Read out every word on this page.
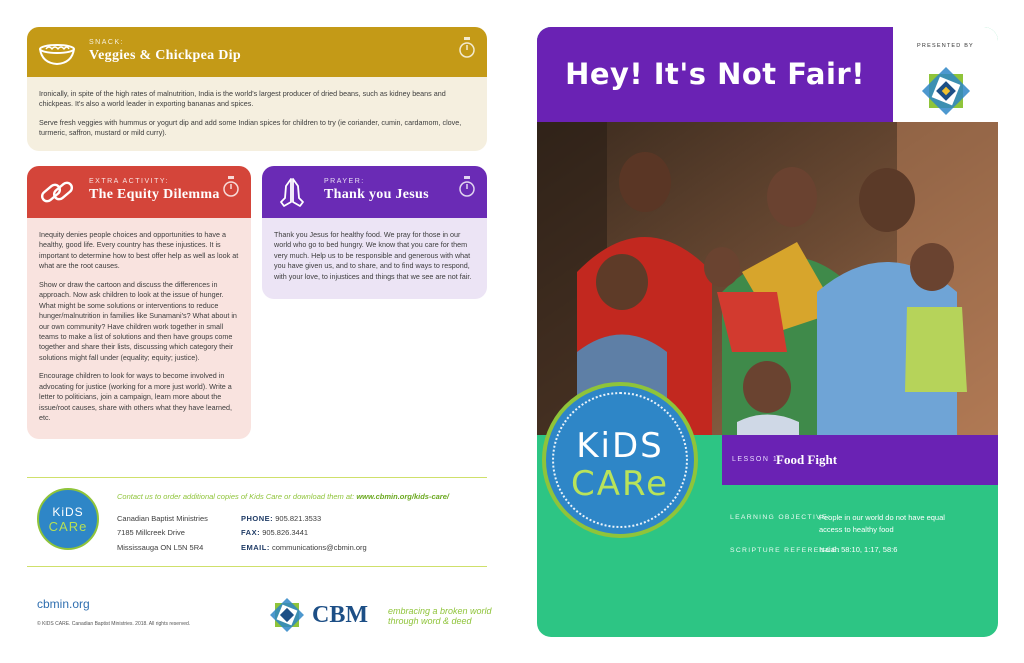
SNACK:
Veggies & Chickpea Dip

Ironically, in spite of the high rates of malnutrition, India is the world's largest producer of dried beans, such as kidney beans and chickpeas. It's also a world leader in exporting bananas and spices.

Serve fresh veggies with hummus or yogurt dip and add some Indian spices for children to try (ie coriander, cumin, cardamom, clove, turmeric, saffron, mustard or mild curry).

EXTRA ACTIVITY:
The Equity Dilemma

Inequity denies people choices and opportunities to have a healthy, good life. Every country has these injustices. It is important to determine how to best offer help as well as look at what are the root causes.

Show or draw the cartoon and discuss the differences in approach. Now ask children to look at the issue of hunger. What might be some solutions or interventions to reduce hunger/malnutrition in families like Sunamani's? What about in our own community? Have children work together in small teams to make a list of solutions and then have groups come together and share their lists, discussing which category their solutions might fall under (equality; equity; justice).

Encourage children to look for ways to become involved in advocating for justice (working for a more just world). Write a letter to politicians, join a campaign, learn more about the issue/root causes, share with others what they have learned, etc.

PRAYER:
Thank you Jesus

Thank you Jesus for healthy food. We pray for those in our world who go to bed hungry. We know that you care for them very much. Help us to be responsible and generous with what you have given us, and to share, and to find ways to respond, with your love, to injustices and things that we see are not fair.

KiDS
CARe
Contact us to order additional copies of Kids Care or download them at: www.cbmin.org/kids-care/
Canadian Baptist Ministries
7185 Millcreek Drive
Mississauga ON L5N 5R4
PHONE: 905.821.3533
FAX: 905.826.3441
EMAIL: communications@cbmin.org
cbmin.org
© KIDS CARE. Canadian Baptist Ministries. 2018. All rights reserved.	CBM embracing a broken world
through word & deed
Hey! It's Not Fair!
PRESENTED BY
LESSON 1
Food Fight
KiDS
CARe
LEARNING OBJECTIVE:
People in our world do not have equal
access to healthy food
SCRIPTURE REFERENCE:
Isaiah 58:10, 1:17, 58:6
